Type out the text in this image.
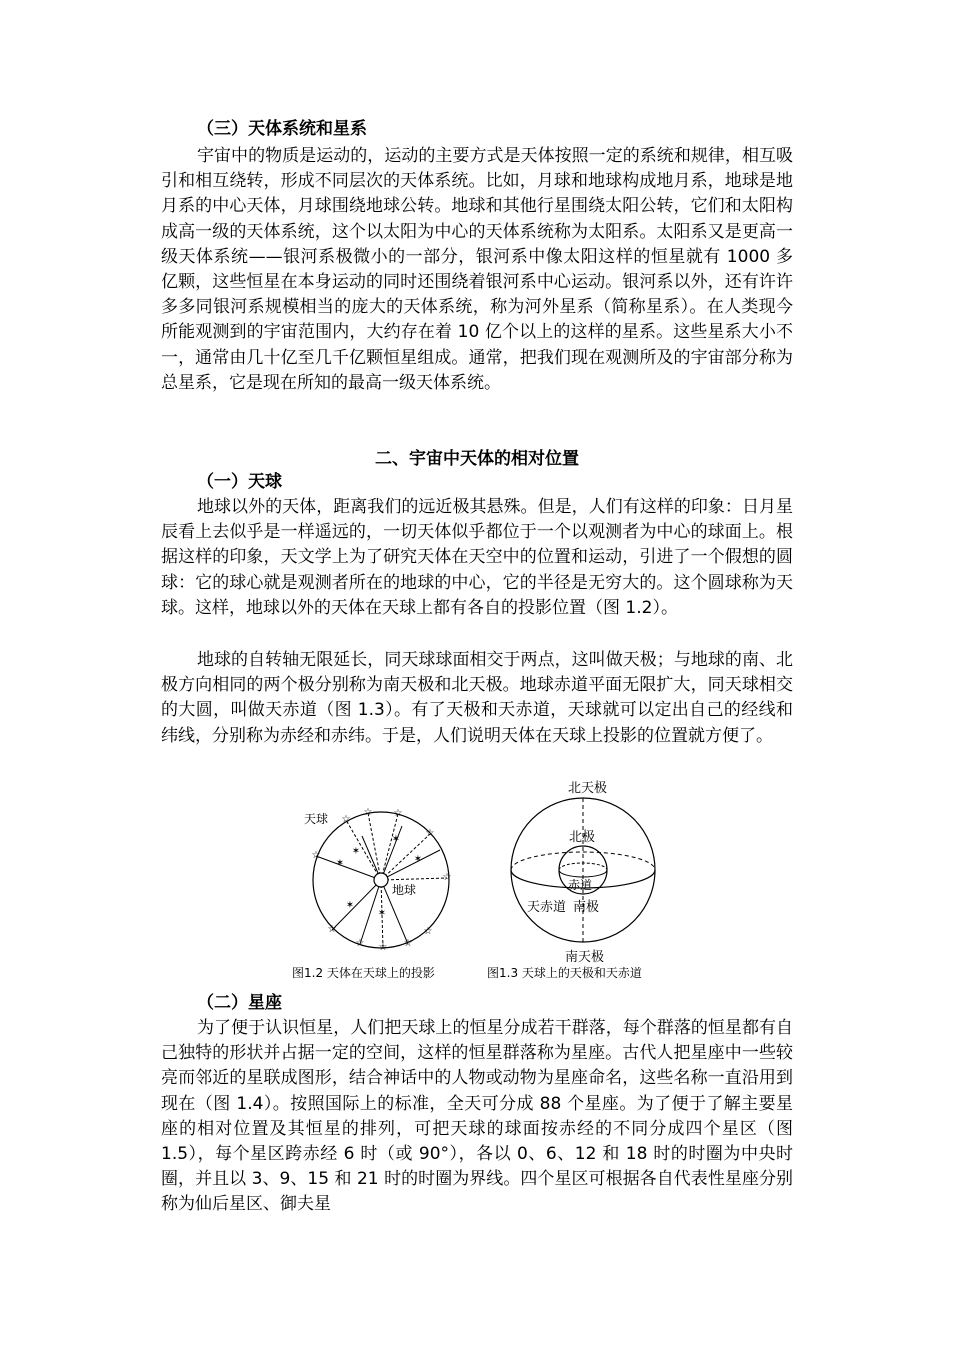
（三）天体系统和星系

宇宙中的物质是运动的，运动的主要方式是天体按照一定的系统和规律，相互吸引和相互绕转，形成不同层次的天体系统。比如，月球和地球构成地月系，地球是地月系的中心天体，月球围绕地球公转。地球和其他行星围绕太阳公转，它们和太阳构成高一级的天体系统，这个以太阳为中心的天体系统称为太阳系。太阳系又是更高一级天体系统——银河系极微小的一部分，银河系中像太阳这样的恒星就有 1000 多亿颗，这些恒星在本身运动的同时还围绕着银河系中心运动。银河系以外，还有许许多多同银河系规模相当的庞大的天体系统，称为河外星系（简称星系）。在人类现今所能观测到的宇宙范围内，大约存在着 10 亿个以上的这样的星系。这些星系大小不一，通常由几十亿至几千亿颗恒星组成。通常，把我们现在观测所及的宇宙部分称为总星系，它是现在所知的最高一级天体系统。

二、宇宙中天体的相对位置
（一）天球

地球以外的天体，距离我们的远近极其悬殊。但是，人们有这样的印象：日月星辰看上去似乎是一样遥远的，一切天体似乎都位于一个以观测者为中心的球面上。根据这样的印象，天文学上为了研究天体在天空中的位置和运动，引进了一个假想的圆球：它的球心就是观测者所在的地球的中心，它的半径是无穷大的。这个圆球称为天球。这样，地球以外的天体在天球上都有各自的投影位置（图 1.2）。

地球的自转轴无限延长，同天球球面相交于两点，这叫做天极；与地球的南、北极方向相同的两个极分别称为南天极和北天极。地球赤道平面无限扩大，同天球相交的大圆，叫做天赤道（图 1.3）。有了天极和天赤道，天球就可以定出自己的经线和纬线，分别称为赤经和赤纬。于是，人们说明天体在天球上投影的位置就方便了。

☆
☆ ☆
☆
☆
☆
☆
☆ ☆ ☆
☆
✶
✶
✶
✶
✶
✶
天球
地球
北天极
北极
赤道
天赤道 南极
南天极
图1.2 天体在天球上的投影	图1.3 天球上的天极和天赤道
（二）星座

为了便于认识恒星，人们把天球上的恒星分成若干群落，每个群落的恒星都有自己独特的形状并占据一定的空间，这样的恒星群落称为星座。古代人把星座中一些较亮而邻近的星联成图形，结合神话中的人物或动物为星座命名，这些名称一直沿用到现在（图 1.4）。按照国际上的标准，全天可分成 88 个星座。为了便于了解主要星座的相对位置及其恒星的排列，可把天球的球面按赤经的不同分成四个星区（图 1.5），每个星区跨赤经 6 时（或 90°），各以 0、6、12 和 18 时的时圈为中央时圈，并且以 3、9、15 和 21 时的时圈为界线。四个星区可根据各自代表性星座分别称为仙后星区、御夫星
